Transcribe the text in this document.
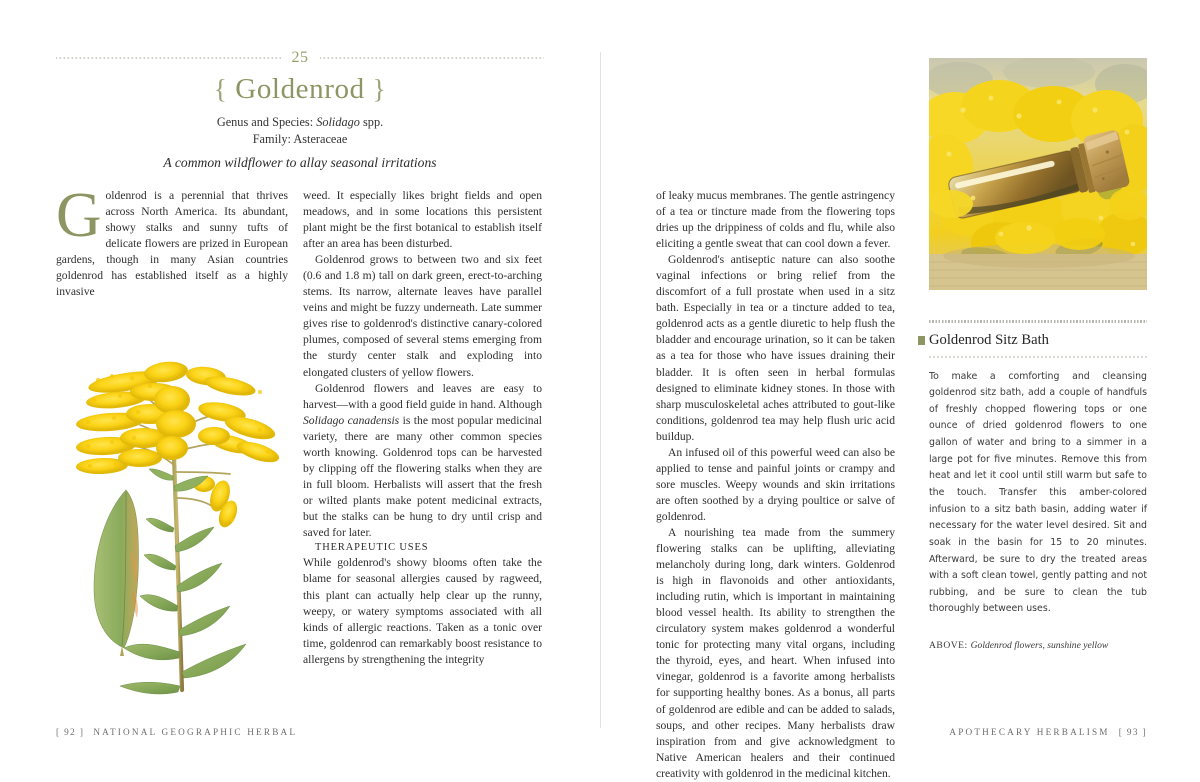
25
{ Goldenrod }
Genus and Species: Solidago spp.
Family: Asteraceae
A common wildflower to allay seasonal irritations
G oldenrod is a perennial that thrives across North America. Its abundant, showy stalks and sunny tufts of delicate flowers are prized in European gardens, though in many Asian countries goldenrod has established itself as a highly invasive

weed. It especially likes bright fields and open meadows, and in some locations this persistent plant might be the first botanical to establish itself after an area has been disturbed.

Goldenrod grows to between two and six feet (0.6 and 1.8 m) tall on dark green, erect-to-arching stems. Its narrow, alternate leaves have parallel veins and might be fuzzy underneath. Late summer gives rise to goldenrod's distinctive canary-colored plumes, composed of several stems emerging from the sturdy center stalk and exploding into elongated clusters of yellow flowers.

Goldenrod flowers and leaves are easy to harvest—with a good field guide in hand. Although Solidago canadensis is the most popular medicinal variety, there are many other common species worth knowing. Goldenrod tops can be harvested by clipping off the flowering stalks when they are in full bloom. Herbalists will assert that the fresh or wilted plants make potent medicinal extracts, but the stalks can be hung to dry until crisp and saved for later.

THERAPEUTIC USES

While goldenrod's showy blooms often take the blame for seasonal allergies caused by ragweed, this plant can actually help clear up the runny, weepy, or watery symptoms associated with all kinds of allergic reactions. Taken as a tonic over time, goldenrod can remarkably boost resistance to allergens by strengthening the integrity

[ 92 ] NATIONAL GEOGRAPHIC HERBAL

of leaky mucus membranes. The gentle astringency of a tea or tincture made from the flowering tops dries up the drippiness of colds and flu, while also eliciting a gentle sweat that can cool down a fever.

Goldenrod's antiseptic nature can also soothe vaginal infections or bring relief from the discomfort of a full prostate when used in a sitz bath. Especially in tea or a tincture added to tea, goldenrod acts as a gentle diuretic to help flush the bladder and encourage urination, so it can be taken as a tea for those who have issues draining their bladder. It is often seen in herbal formulas designed to eliminate kidney stones. In those with sharp musculoskeletal aches attributed to gout-like conditions, goldenrod tea may help flush uric acid buildup.

An infused oil of this powerful weed can also be applied to tense and painful joints or crampy and sore muscles. Weepy wounds and skin irritations are often soothed by a drying poultice or salve of goldenrod.

A nourishing tea made from the summery flowering stalks can be uplifting, alleviating melancholy during long, dark winters. Goldenrod is high in flavonoids and other antioxidants, including rutin, which is important in maintaining blood vessel health. Its ability to strengthen the circulatory system makes goldenrod a wonderful tonic for protecting many vital organs, including the thyroid, eyes, and heart. When infused into vinegar, goldenrod is a favorite among herbalists for supporting healthy bones. As a bonus, all parts of goldenrod are edible and can be added to salads, soups, and other recipes. Many herbalists draw inspiration from and give acknowledgment to Native American healers and their continued creativity with goldenrod in the medicinal kitchen.

Goldenrod Sitz Bath
To make a comforting and cleansing goldenrod sitz bath, add a couple of handfuls of freshly chopped flowering tops or one ounce of dried goldenrod flowers to one gallon of water and bring to a simmer in a large pot for five minutes. Remove this from heat and let it cool until still warm but safe to the touch. Transfer this amber-colored infusion to a sitz bath basin, adding water if necessary for the water level desired. Sit and soak in the basin for 15 to 20 minutes. Afterward, be sure to dry the treated areas with a soft clean towel, gently patting and not rubbing, and be sure to clean the tub thoroughly between uses.
ABOVE: Goldenrod flowers, sunshine yellow
APOTHECARY HERBALISM [ 93 ]
